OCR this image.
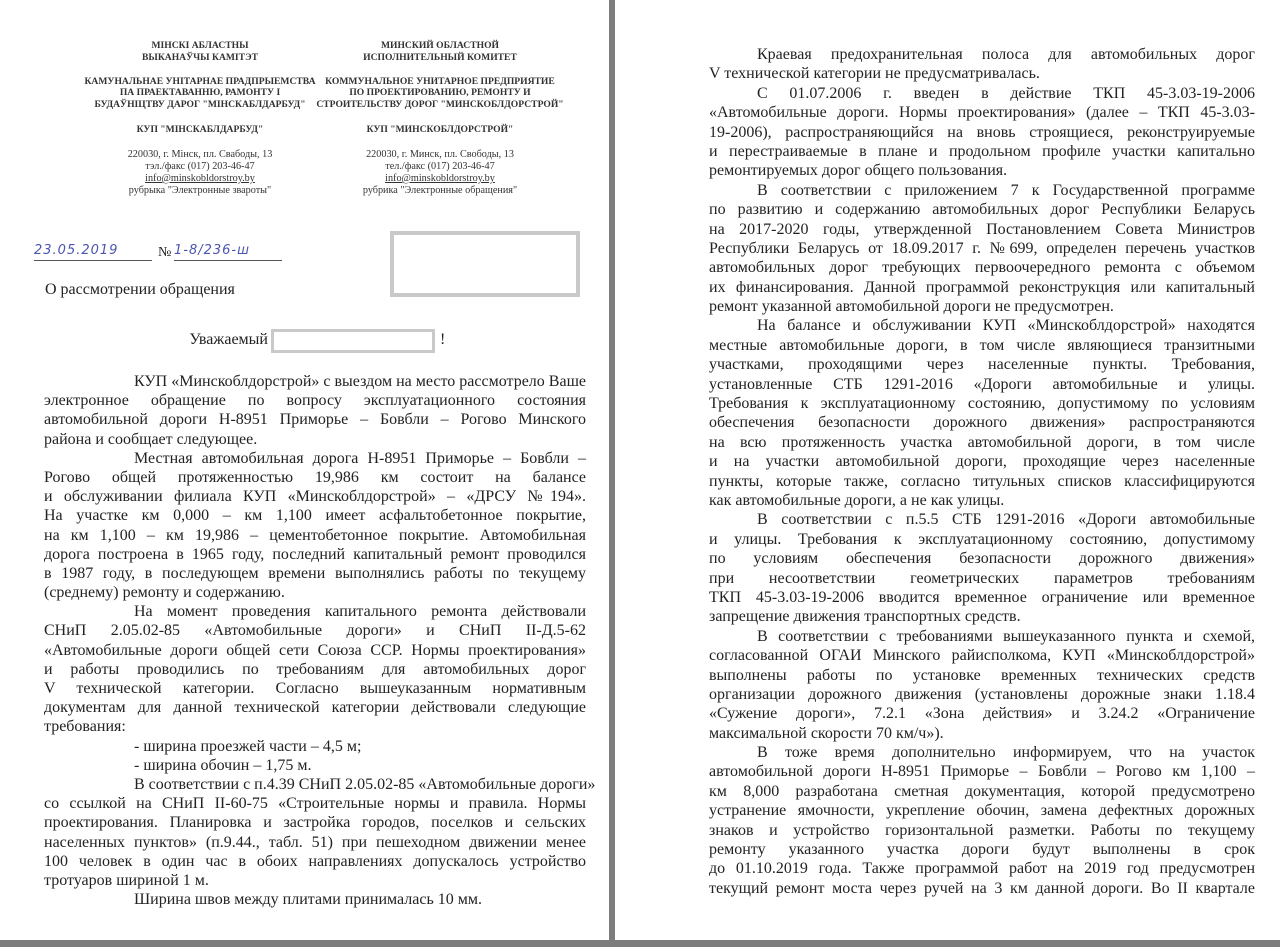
МІНСКІ АБЛАСТНЫ
ВЫКАНАЎЧЫ КАМІТЭТ
КАМУНАЛЬНАЕ УНІТАРНАЕ ПРАДПРЫЕМСТВА
ПА ПРАЕКТАВАННЮ, РАМОНТУ І
БУДАЎНІЦТВУ ДАРОГ "МІНСКАБЛДАРБУД"
КУП "МІНСКАБЛДАРБУД"
220030, г. Мінск, пл. Свабоды, 13
тэл./факс (017) 203-46-47
info@minskobldorstroy.by
рубрыка "Электронные звароты"
МИНСКИЙ ОБЛАСТНОЙ
ИСПОЛНИТЕЛЬНЫЙ КОМИТЕТ
КОММУНАЛЬНОЕ УНИТАРНОЕ ПРЕДПРИЯТИЕ
ПО ПРОЕКТИРОВАНИЮ, РЕМОНТУ И
СТРОИТЕЛЬСТВУ ДОРОГ "МИНСКОБЛДОРСТРОЙ"
КУП "МИНСКОБЛДОРСТРОЙ"
220030, г. Минск, пл. Свободы, 13
тел./факс (017) 203-46-47
info@minskobldorstroy.by
рубрика "Электронные обращения"
23.05.2019	№ 1-8/236-ш
О рассмотрении обращения
Уважаемый	!
КУП «Минскоблдорстрой» с выездом на место рассмотрело Ваше
электронное обращение по вопросу эксплуатационного состояния
автомобильной дороги Н-8951 Приморье – Бовбли – Рогово Минского
района и сообщает следующее.
Местная автомобильная дорога Н-8951 Приморье – Бовбли –
Рогово общей протяженностью 19,986 км состоит на балансе
и обслуживании филиала КУП «Минскоблдорстрой» – «ДРСУ №194».
На участке км 0,000 – км 1,100 имеет асфальтобетонное покрытие,
на км 1,100 – км 19,986 – цементобетонное покрытие. Автомобильная
дорога построена в 1965 году, последний капитальный ремонт проводился
в 1987 году, в последующем времени выполнялись работы по текущему
(среднему) ремонту и содержанию.
На момент проведения капитального ремонта действовали
СНиП 2.05.02-85 «Автомобильные дороги» и СНиП II-Д.5-62
«Автомобильные дороги общей сети Союза ССР. Нормы проектирования»
и работы проводились по требованиям для автомобильных дорог
V технической категории. Согласно вышеуказанным нормативным
документам для данной технической категории действовали следующие
требования:
- ширина проезжей части – 4,5 м;
- ширина обочин – 1,75 м.
В соответствии с п.4.39 СНиП 2.05.02-85 «Автомобильные дороги»
со ссылкой на СНиП II-60-75 «Строительные нормы и правила. Нормы
проектирования. Планировка и застройка городов, поселков и сельских
населенных пунктов» (п.9.44., табл. 51) при пешеходном движении менее
100 человек в один час в обоих направлениях допускалось устройство
тротуаров шириной 1 м.
Ширина швов между плитами принималась 10 мм.
Краевая предохранительная полоса для автомобильных дорог
V технической категории не предусматривалась.
С 01.07.2006 г. введен в действие ТКП 45-3.03-19-2006
«Автомобильные дороги. Нормы проектирования» (далее – ТКП 45-3.03-
19-2006), распространяющийся на вновь строящиеся, реконструируемые
и перестраиваемые в плане и продольном профиле участки капитально
ремонтируемых дорог общего пользования.
В соответствии с приложением 7 к Государственной программе
по развитию и содержанию автомобильных дорог Республики Беларусь
на 2017-2020 годы, утвержденной Постановлением Совета Министров
Республики Беларусь от 18.09.2017 г. №699, определен перечень участков
автомобильных дорог требующих первоочередного ремонта с объемом
их финансирования. Данной программой реконструкция или капитальный
ремонт указанной автомобильной дороги не предусмотрен.
На балансе и обслуживании КУП «Минскоблдорстрой» находятся
местные автомобильные дороги, в том числе являющиеся транзитными
участками, проходящими через населенные пункты. Требования,
установленные СТБ 1291-2016 «Дороги автомобильные и улицы.
Требования к эксплуатационному состоянию, допустимому по условиям
обеспечения безопасности дорожного движения» распространяются
на всю протяженность участка автомобильной дороги, в том числе
и на участки автомобильной дороги, проходящие через населенные
пункты, которые также, согласно титульных списков классифицируются
как автомобильные дороги, а не как улицы.
В соответствии с п.5.5 СТБ 1291-2016 «Дороги автомобильные
и улицы. Требования к эксплуатационному состоянию, допустимому
по условиям обеспечения безопасности дорожного движения»
при несоответствии геометрических параметров требованиям
ТКП 45-3.03-19-2006 вводится временное ограничение или временное
запрещение движения транспортных средств.
В соответствии с требованиями вышеуказанного пункта и схемой,
согласованной ОГАИ Минского райисполкома, КУП «Минскоблдорстрой»
выполнены работы по установке временных технических средств
организации дорожного движения (установлены дорожные знаки 1.18.4
«Сужение дороги», 7.2.1 «Зона действия» и 3.24.2 «Ограничение
максимальной скорости 70 км/ч»).
В тоже время дополнительно информируем, что на участок
автомобильной дороги Н-8951 Приморье – Бовбли – Рогово км 1,100 –
км 8,000 разработана сметная документация, которой предусмотрено
устранение ямочности, укрепление обочин, замена дефектных дорожных
знаков и устройство горизонтальной разметки. Работы по текущему
ремонту указанного участка дороги будут выполнены в срок
до 01.10.2019 года. Также программой работ на 2019 год предусмотрен
текущий ремонт моста через ручей на 3 км данной дороги. Во II квартале
